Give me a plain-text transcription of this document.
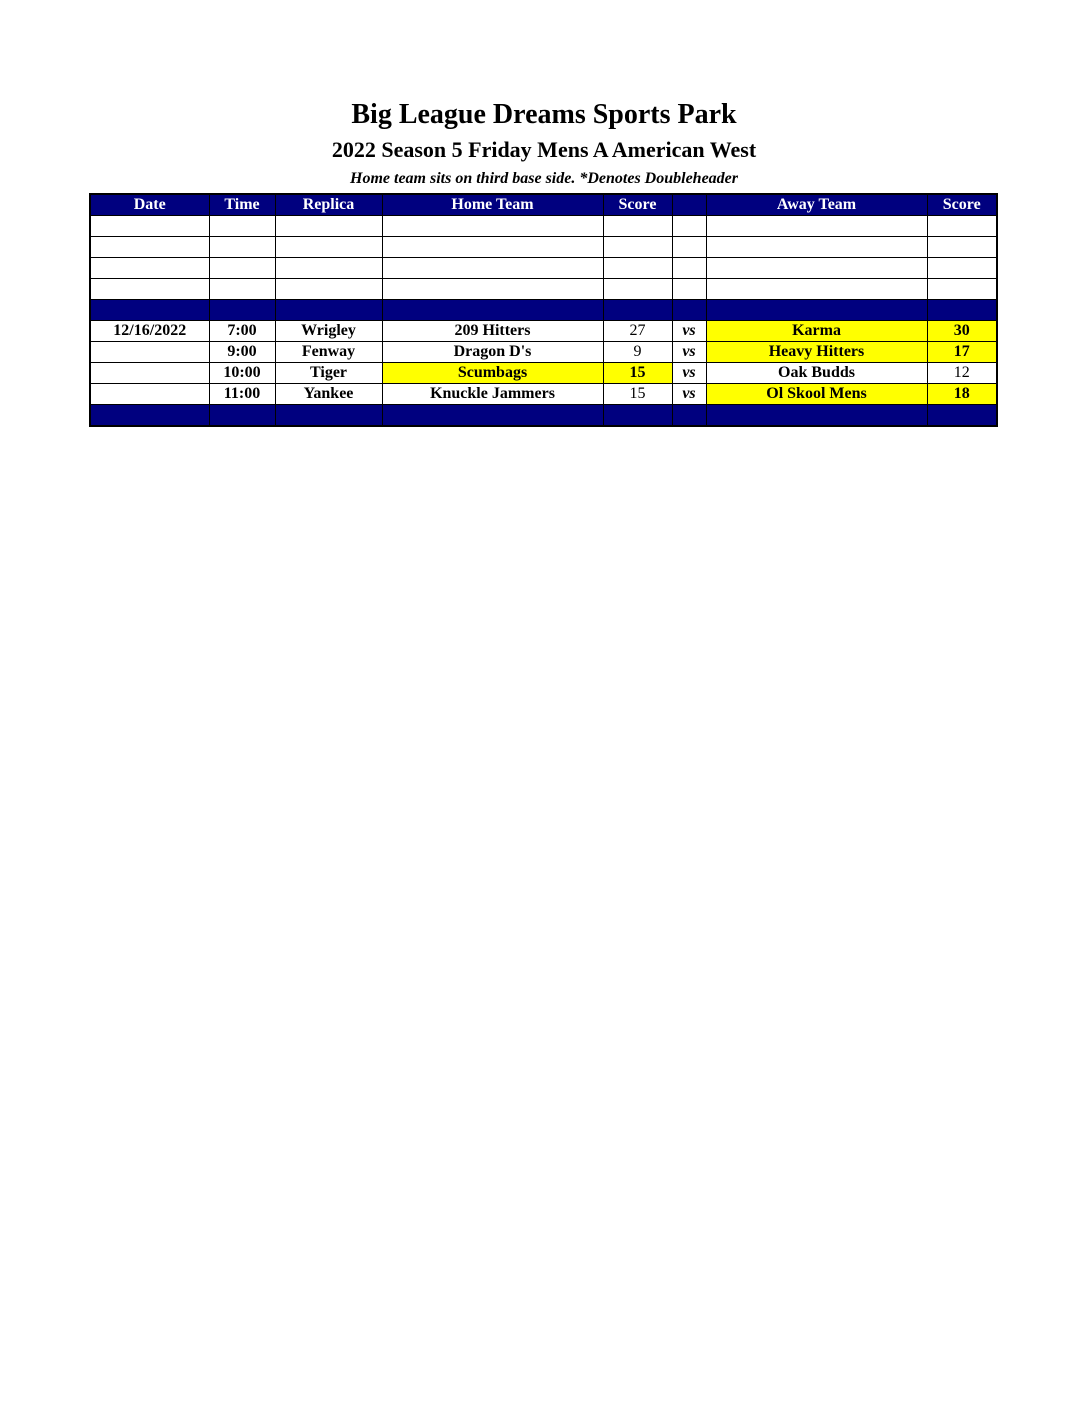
Big League Dreams Sports Park
2022 Season 5 Friday Mens A American West
Home team sits on third base side. *Denotes Doubleheader
Date	Time	Replica	Home Team	Score		Away Team	Score

12/16/2022	7:00	Wrigley	209 Hitters	27	vs	Karma	30
	9:00	Fenway	Dragon D's	9	vs	Heavy Hitters	17
	10:00	Tiger	Scumbags	15	vs	Oak Budds	12
	11:00	Yankee	Knuckle Jammers	15	vs	Ol Skool Mens	18
